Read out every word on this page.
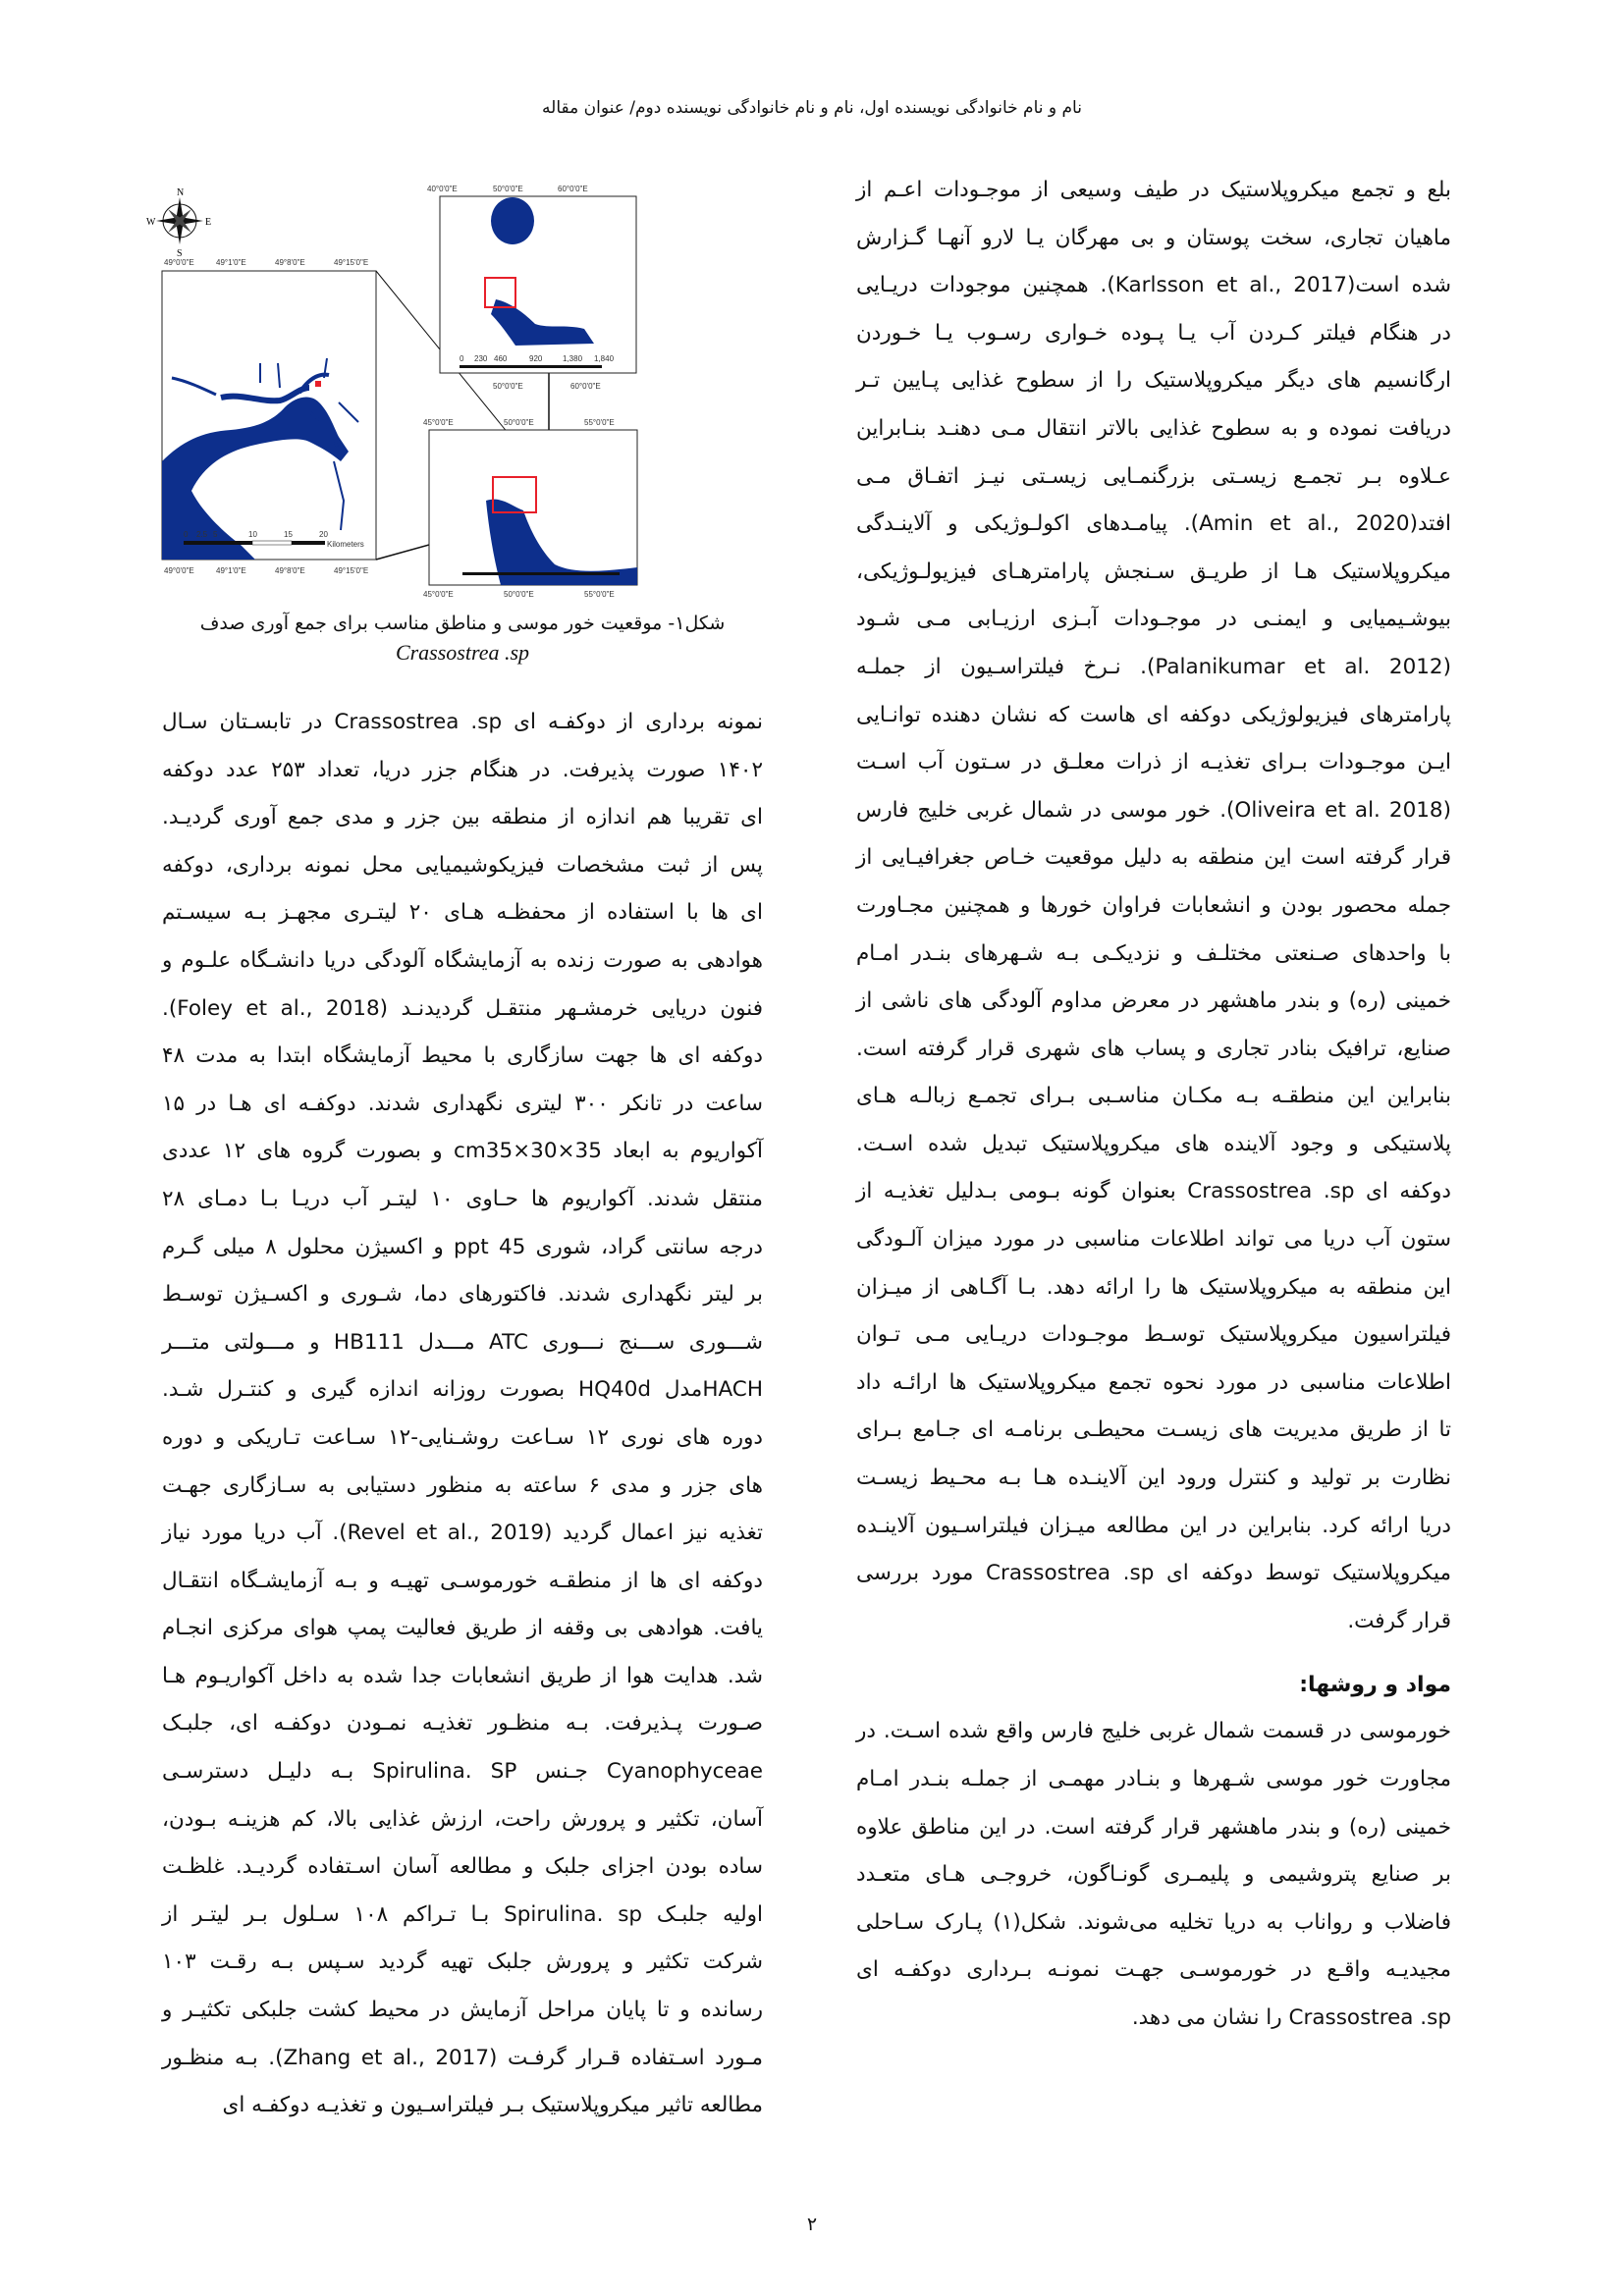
نام و نام خانوادگی نویسنده اول، نام و نام خانوادگی نویسنده دوم/ عنوان مقاله
N
E
S
W
49°0'0"E	49°1'0"E	49°8'0"E	49°15'0"E
49°0'0"E	49°1'0"E	49°8'0"E	49°15'0"E
0 2.5 5	10	15	20
Kilometers
40°0'0"E	50°0'0"E	60°0'0"E
50°0'0"E	60°0'0"E
0 230 460	920	1,380 1,840
45°0'0"E	50°0'0"E	55°0'0"E
45°0'0"E	50°0'0"E	55°0'0"E
شکل۱- موقعیت خور موسی و مناطق مناسب برای جمع آوری صدف
Crassostrea .sp
بلع و تجمع میکروپلاستیک در طیف وسیعی از موجـودات اعـم از
ماهیان تجاری، سخت پوستان و بی مهرگان یـا لارو آنهـا گـزارش
شده است(Karlsson et al., 2017). همچنین موجودات دریـایی
در هنگام فیلتر کـردن آب یـا پـوده خـواری رسـوب یـا خـوردن
ارگانسیم های دیگر میکروپلاستیک را از سطوح غذایی پـایین تـر
دریافت نموده و به سطوح غذایی بالاتر انتقال مـی دهنـد بنـابراین
عـلاوه بـر تجمـع زیسـتی بزرگنمـایی زیسـتی نیـز اتفـاق مـی
افتد(Amin et al., 2020). پیامـدهای اکولـوژیکی و آلاینـدگی
میکروپلاستیک هـا از طریـق سـنجش پارامترهـای فیزیولـوژیکی،
بیوشـیمیایی و ایمنـی در موجـودات آبـزی ارزیـابی مـی شـود
(Palanikumar et al. 2012). نـرخ فیلتراسـیون از جملـه
پارامترهای فیزیولوژیکی دوکفه ای هاست که نشان دهنده توانـایی
ایـن موجـودات بـرای تغذیـه از ذرات معلـق در سـتون آب اسـت
(Oliveira et al. 2018). خور موسی در شمال غربی خلیج فارس
قرار گرفته است این منطقه به دلیل موقعیت خـاص جغرافیـایی از
جمله محصور بودن و انشعابات فراوان خورها و همچنین مجـاورت
با واحدهای صـنعتی مختلـف و نزدیکـی بـه شـهرهای بنـدر امـام
خمینی (ره) و بندر ماهشهر در معرض مداوم آلودگی های ناشی از
صنایع، ترافیک بنادر تجاری و پساب های شهری قرار گرفته است.
بنابراین این منطقـه بـه مکـان مناسـبی بـرای تجمـع زبالـه هـای
پلاستیکی و وجود آلاینده های میکروپلاستیک تبدیل شده اسـت.
دوکفه ای Crassostrea .sp بعنوان گونه بـومی بـدلیل تغذیـه از
ستون آب دریا می تواند اطلاعات مناسبی در مورد میزان آلـودگی
این منطقه به میکروپلاستیک ها را ارائه دهد. بـا آگـاهی از میـزان
فیلتراسیون میکروپلاستیک توسـط موجـودات دریـایی مـی تـوان
اطلاعات مناسبی در مورد نحوه تجمع میکروپلاستیک ها ارائـه داد
تا از طریق مدیریت های زیسـت محیطـی برنامـه ای جـامع بـرای
نظارت بر تولید و کنترل ورود این آلاینـده هـا بـه محـیط زیسـت
دریا ارائه کرد. بنابراین در این مطالعه میـزان فیلتراسـیون آلاینـده
میکروپلاستیک توسط دوکفه ای Crassostrea .sp مورد بررسی
قرار گرفت.
مواد و روشها:
خورموسی در قسمت شمال غربی خلیج فارس واقع شده اسـت. در
مجاورت خور موسی شـهرها و بنـادر مهمـی از جملـه بنـدر امـام
خمینی (ره) و بندر ماهشهر قرار گرفته است. در این مناطق علاوه
بر صنایع پتروشیمی و پلیمـری گونـاگون، خروجـی هـای متعـدد
فاضلاب و رواناب به دریا تخلیه می‌شوند. شکل(۱) پـارک سـاحلی
مجیدیـه واقـع در خورموسـی جهـت نمونـه بـرداری دوکفـه ای
Crassostrea .sp را نشان می دهد.
نمونه برداری از دوکفـه ای Crassostrea .sp در تابسـتان سـال
۱۴۰۲ صورت پذیرفت. در هنگام جزر دریا، تعداد ۲۵۳ عدد دوکفه
ای تقریبا هم اندازه از منطقه بین جزر و مدی جمع آوری گردیـد.
پس از ثبت مشخصات فیزیکوشیمیایی محل نمونه برداری، دوکفه
ای ها با استفاده از محفظـه هـای ۲۰ لیتـری مجهـز بـه سیسـتم
هوادهی به صورت زنده به آزمایشگاه آلودگی دریا دانشـگاه علـوم و
فنون دریایی خرمشـهر منتقـل گردیدنـد (Foley et al., 2018).
دوکفه ای ها جهت سازگاری با محیط آزمایشگاه ابتدا به مدت ۴۸
ساعت در تانکر ۳۰۰ لیتری نگهداری شدند. دوکفـه ای هـا در ۱۵
آکواریوم به ابعاد cm35×30×35 و بصورت گروه های ۱۲ عددی
منتقل شدند. آکواریوم ها حـاوی ۱۰ لیتـر آب دریـا بـا دمـای ۲۸
درجه سانتی گراد، شوری ppt 45 و اکسیژن محلول ۸ میلی گـرم
بر لیتر نگهداری شدند. فاکتورهای دما، شـوری و اکسـیژن توسـط
شـــوری ســـنج نـــوری ATC مـــدل HB111 و مـــولتی متـــر
HACHمدل HQ40d بصورت روزانه اندازه گیری و کنتـرل شـد.
دوره های نوری ۱۲ سـاعت روشـنایی-۱۲ سـاعت تـاریکی و دوره
های جزر و مدی ۶ ساعته به منظور دستیابی به سـازگاری جهـت
تغذیه نیز اعمال گردید (Revel et al., 2019). آب دریا مورد نیاز
دوکفه ای ها از منطقـه خورموسـی تهیـه و بـه آزمایشـگاه انتقـال
یافت. هوادهی بی وقفه از طریق فعالیت پمپ هوای مرکزی انجـام
شد. هدایت هوا از طریق انشعابات جدا شده به داخل آکواریـوم هـا
صـورت پـذیرفت. بـه منظـور تغذیـه نمـودن دوکفـه ای، جلبـک
Cyanophyceae جـنس Spirulina. SP بـه دلیـل دسترسـی
آسان، تکثیر و پرورش راحت، ارزش غذایی بالا، کم هزینـه بـودن،
ساده بودن اجزای جلبک و مطالعه آسان اسـتفاده گردیـد. غلظـت
اولیه جلبـک Spirulina. sp بـا تـراکم ۱۰۸ سـلول بـر لیتـر از
شرکت تکثیر و پرورش جلبک تهیه گردید سـپس بـه رقـت ۱۰۳
رسانده و تا پایان مراحل آزمایش در محیط کشت جلبکی تکثیـر و
مـورد اسـتفاده قـرار گرفـت (Zhang et al., 2017). بـه منظـور
مطالعه تاثیر میکروپلاستیک بـر فیلتراسـیون و تغذیـه دوکفـه ای
۲
